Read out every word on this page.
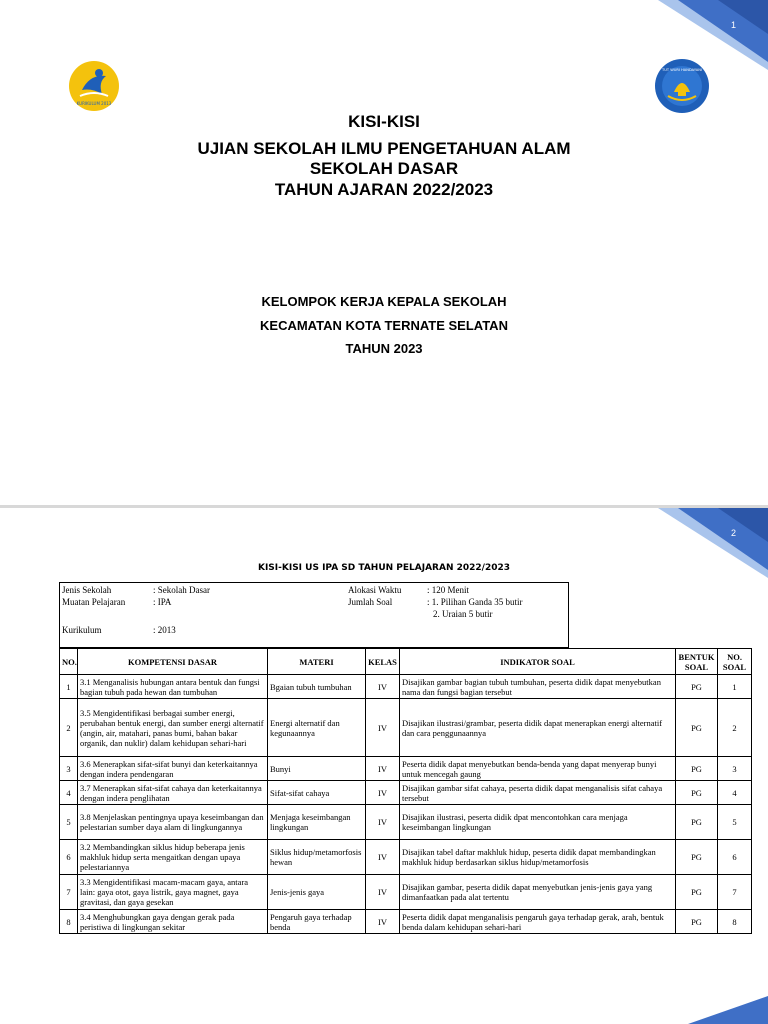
1
KURIKULUM 2013
TUT WURI HANDAYANI
KISI-KISI
UJIAN SEKOLAH ILMU PENGETAHUAN ALAM
SEKOLAH DASAR
TAHUN AJARAN 2022/2023
KELOMPOK KERJA KEPALA SEKOLAH
KECAMATAN KOTA TERNATE SELATAN
TAHUN 2023
2
KISI-KISI US IPA SD TAHUN PELAJARAN 2022/2023
Jenis Sekolah	: Sekolah Dasar
Muatan Pelajaran	: IPA
Kurikulum	: 2013
Alokasi Waktu	: 120 Menit
Jumlah Soal	: 1. Pilihan Ganda 35 butir
2. Uraian 5 butir
NO.	KOMPETENSI DASAR	MATERI	KELAS	INDIKATOR SOAL	BENTUK SOAL	NO. SOAL
1	3.1 Menganalisis hubungan antara bentuk dan fungsi bagian tubuh pada hewan dan tumbuhan	Bgaian tubuh tumbuhan	IV	Disajikan gambar bagian tubuh tumbuhan, peserta didik dapat menyebutkan nama dan fungsi bagian tersebut	PG	1
2	3.5 Mengidentifikasi berbagai sumber energi, perubahan bentuk energi, dan sumber energi alternatif (angin, air, matahari, panas bumi, bahan bakar organik, dan nuklir) dalam kehidupan sehari-hari	Energi alternatif dan kegunaannya	IV	Disajikan ilustrasi/grambar, peserta didik dapat menerapkan energi alternatif dan cara penggunaannya	PG	2
3	3.6 Menerapkan sifat-sifat bunyi dan keterkaitannya dengan indera pendengaran	Bunyi	IV	Peserta didik dapat menyebutkan benda-benda yang dapat menyerap bunyi untuk mencegah gaung	PG	3
4	3.7 Menerapkan sifat-sifat cahaya dan keterkaitannya dengan indera penglihatan	Sifat-sifat cahaya	IV	Disajikan gambar sifat cahaya, peserta didik dapat menganalisis sifat cahaya tersebut	PG	4
5	3.8 Menjelaskan pentingnya upaya keseimbangan dan pelestarian sumber daya alam di lingkungannya	Menjaga keseimbangan lingkungan	IV	Disajikan ilustrasi, peserta didik dpat mencontohkan cara menjaga keseimbangan lingkungan	PG	5
6	3.2 Membandingkan siklus hidup beberapa jenis makhluk hidup serta mengaitkan dengan upaya pelestariannya	Siklus hidup/metamorfosis hewan	IV	Disajikan tabel daftar makhluk hidup, peserta didik dapat membandingkan makhluk hidup berdasarkan siklus hidup/metamorfosis	PG	6
7	3.3 Mengidentifikasi macam-macam gaya, antara lain: gaya otot, gaya listrik, gaya magnet, gaya gravitasi, dan gaya gesekan	Jenis-jenis gaya	IV	Disajikan gambar, peserta didik dapat menyebutkan jenis-jenis gaya yang dimanfaatkan pada alat tertentu	PG	7
8	3.4 Menghubungkan gaya dengan gerak pada peristiwa di lingkungan sekitar	Pengaruh gaya terhadap benda	IV	Peserta didik dapat menganalisis pengaruh gaya terhadap gerak, arah, bentuk benda dalam kehidupan sehari-hari	PG	8
